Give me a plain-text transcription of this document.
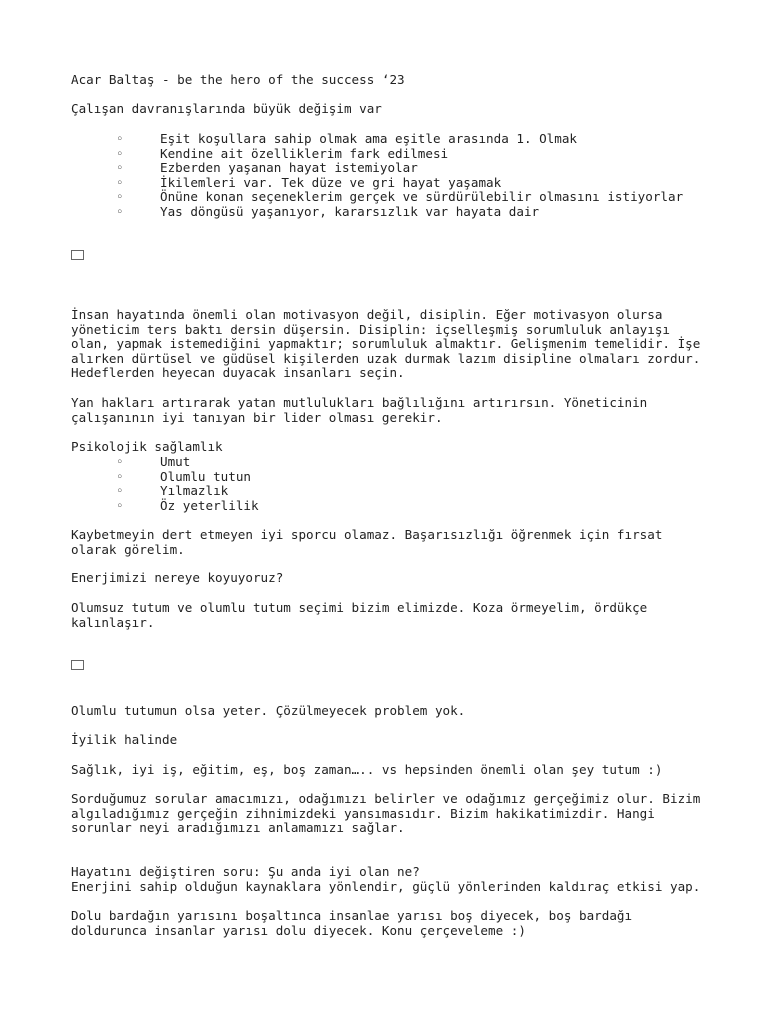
Acar Baltaş - be the hero of the success ‘23

Çalışan davranışlarında büyük değişim var

◦	Eşit koşullara sahip olmak ama eşitle arasında 1. Olmak
◦	Kendine ait özelliklerim fark edilmesi
◦	Ezberden yaşanan hayat istemiyolar
◦	İkilemleri var. Tek düze ve gri hayat yaşamak
◦	Önüne konan seçeneklerim gerçek ve sürdürülebilir olmasını istiyorlar
◦	Yas döngüsü yaşanıyor, kararsızlık var hayata dair

İnsan hayatında önemli olan motivasyon değil, disiplin. Eğer motivasyon olursa yöneticim ters baktı dersin düşersin. Disiplin: içselleşmiş sorumluluk anlayışı olan, yapmak istemediğini yapmaktır; sorumluluk almaktır. Gelişmenim temelidir. İşe alırken dürtüsel ve güdüsel kişilerden uzak durmak lazım disipline olmaları zordur. Hedeflerden heyecan duyacak insanları seçin.

Yan hakları artırarak yatan mutlulukları bağlılığını artırırsın. Yöneticinin çalışanının iyi tanıyan bir lider olması gerekir.

Psikolojik sağlamlık

◦	Umut
◦	Olumlu tutun
◦	Yılmazlık
◦	Öz yeterlilik

Kaybetmeyin dert etmeyen iyi sporcu olamaz. Başarısızlığı öğrenmek için fırsat olarak görelim.

Enerjimizi nereye koyuyoruz?

Olumsuz tutum ve olumlu tutum seçimi bizim elimizde. Koza örmeyelim, ördükçe kalınlaşır.

Olumlu tutumun olsa yeter. Çözülmeyecek problem yok.

İyilik halinde

Sağlık, iyi iş, eğitim, eş, boş zaman….. vs hepsinden önemli olan şey tutum :)

Sorduğumuz sorular amacımızı, odağımızı belirler ve odağımız gerçeğimiz olur. Bizim algıladığımız gerçeğin zihnimizdeki yansımasıdır. Bizim hakikatimizdir. Hangi sorunlar neyi aradığımızı anlamamızı sağlar.

Hayatını değiştiren soru: Şu anda iyi olan ne?

Enerjini sahip olduğun kaynaklara yönlendir, güçlü yönlerinden kaldıraç etkisi yap.

Dolu bardağın yarısını boşaltınca insanlae yarısı boş diyecek, boş bardağı doldurunca insanlar yarısı dolu diyecek. Konu çerçeveleme :)
